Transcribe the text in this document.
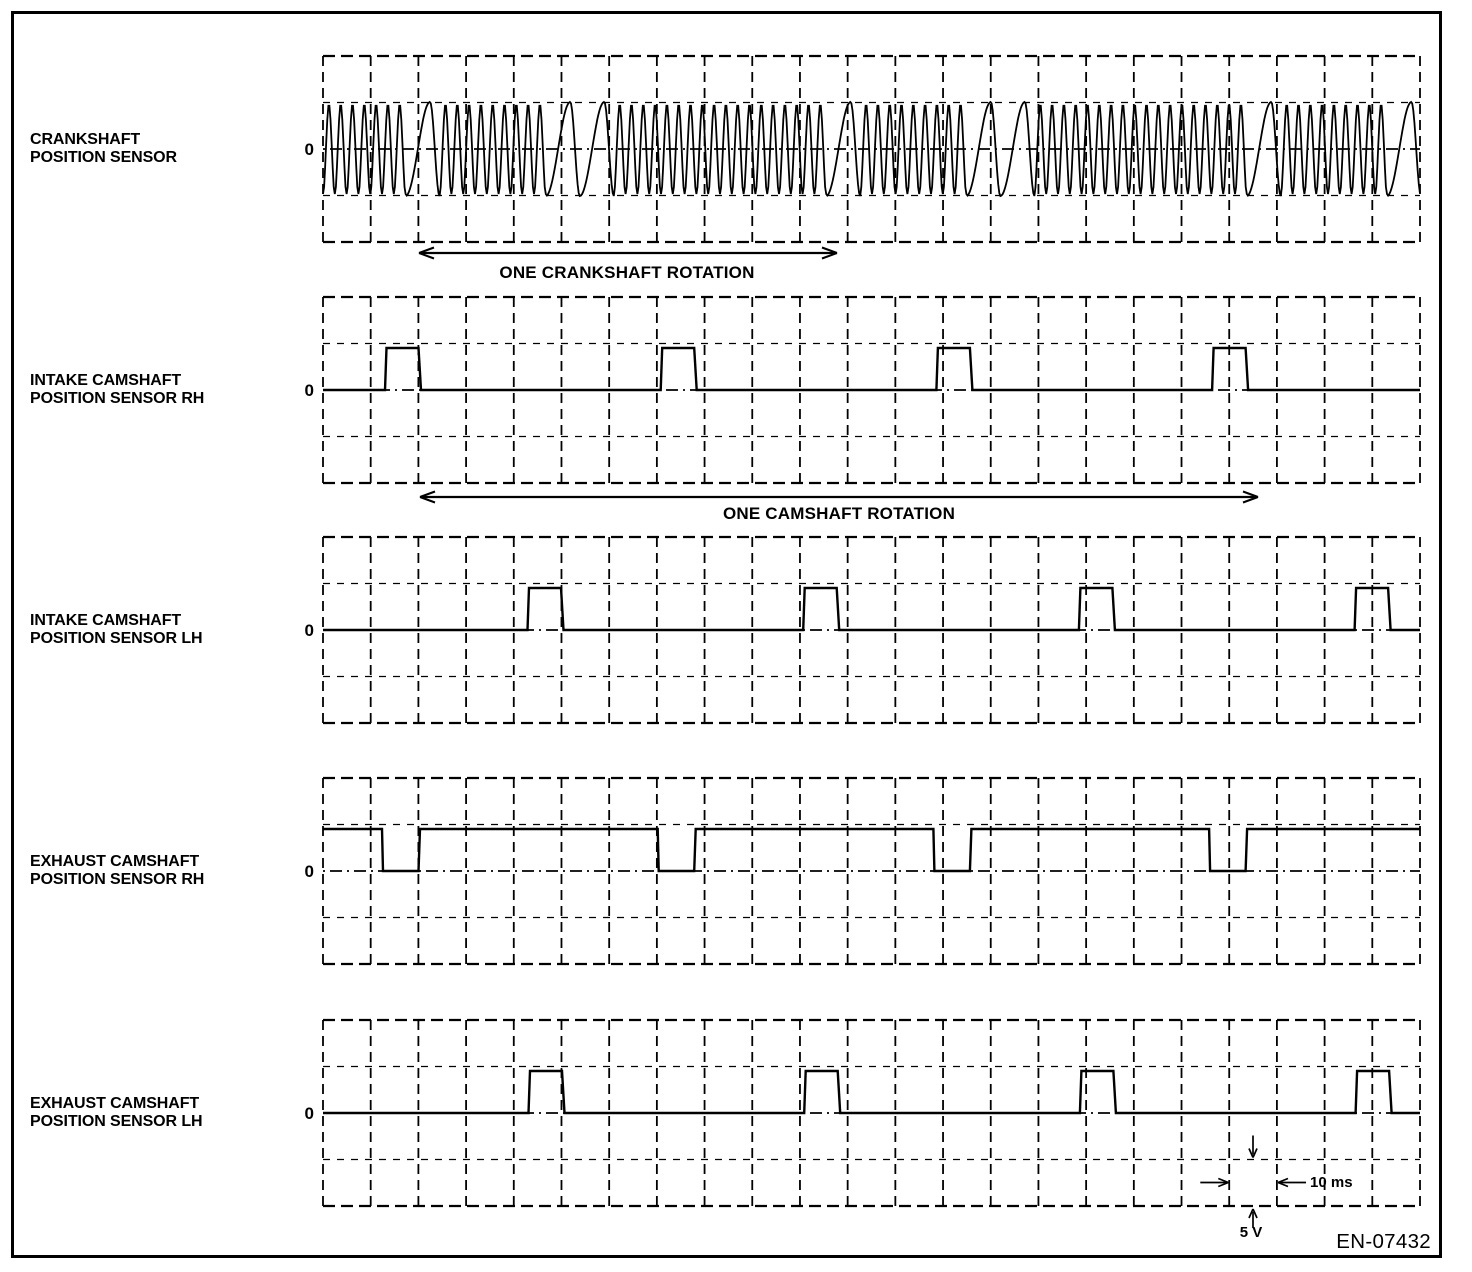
CRANKSHAFT
POSITION SENSOR
INTAKE CAMSHAFT
POSITION SENSOR RH
INTAKE CAMSHAFT
POSITION SENSOR LH
EXHAUST CAMSHAFT
POSITION SENSOR RH
EXHAUST CAMSHAFT
POSITION SENSOR LH
0
0
0
0
0
ONE CRANKSHAFT ROTATION
ONE CAMSHAFT ROTATION
10 ms
5 V	EN-07432
